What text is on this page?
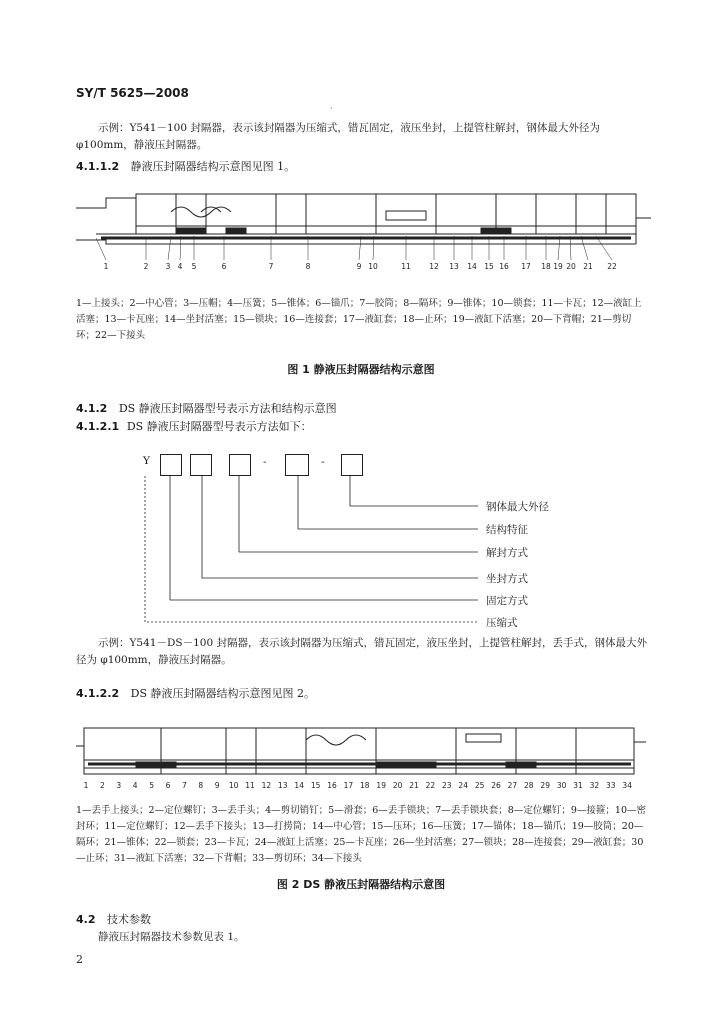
SY/T 5625—2008
·
示例：Y541－100 封隔器，表示该封隔器为压缩式，错瓦固定，液压坐封，上提管柱解封，钢体最大外径为 φ100mm，静液压封隔器。
4.1.1.2 静液压封隔器结构示意图见图 1。
1	2 3 4 5	6	7	8	9 10	11 12 13 14 15 16 17 18 19 20 21 22
1—上接头；2—中心管；3—压帽；4—压簧；5—锥体；6—锚爪；7—胶筒；8—隔环；9—锥体；10—锁套；11—卡瓦；12—液缸上活塞；13—卡瓦座；14—坐封活塞；15—锁块；16—连接套；17—液缸套；18—止环；19—液缸下活塞；20—下背帽；21—剪切环；22—下接头
图 1 静液压封隔器结构示意图
4.1.2 DS 静液压封隔器型号表示方法和结构示意图
4.1.2.1 DS 静液压封隔器型号表示方法如下：
Y	-	-
钢体最大外径
结构特征
解封方式
坐封方式
固定方式
压缩式
示例：Y541－DS－100 封隔器，表示该封隔器为压缩式，错瓦固定，液压坐封，上提管柱解封，丢手式，钢体最大外径为 φ100mm，静液压封隔器。
4.1.2.2 DS 静液压封隔器结构示意图见图 2。
1 2 3 4 5 6 7 8 9 10 11 12 13 14 15 16 17 18 19 20 21 22 23 24 25 26 27 28 29 30 31 32 33 34
1—丢手上接头；2—定位螺钉；3—丢手头；4—剪切销钉；5—滑套；6—丢手锁块；7—丢手锁块套；8—定位螺钉；9—接箍；10—密封环；11—定位螺钉；12—丢手下接头；13—打捞筒；14—中心管；15—压环；16—压簧；17—锚体；18—锚爪；19—胶筒；20—隔环；21—锥体；22—锁套；23—卡瓦；24—液缸上活塞；25—卡瓦座；26—坐封活塞；27—锁块；28—连接套；29—液缸套；30—止环；31—液缸下活塞；32—下背帽；33—剪切环；34—下接头
图 2 DS 静液压封隔器结构示意图
4.2 技术参数
静液压封隔器技术参数见表 1。
2
